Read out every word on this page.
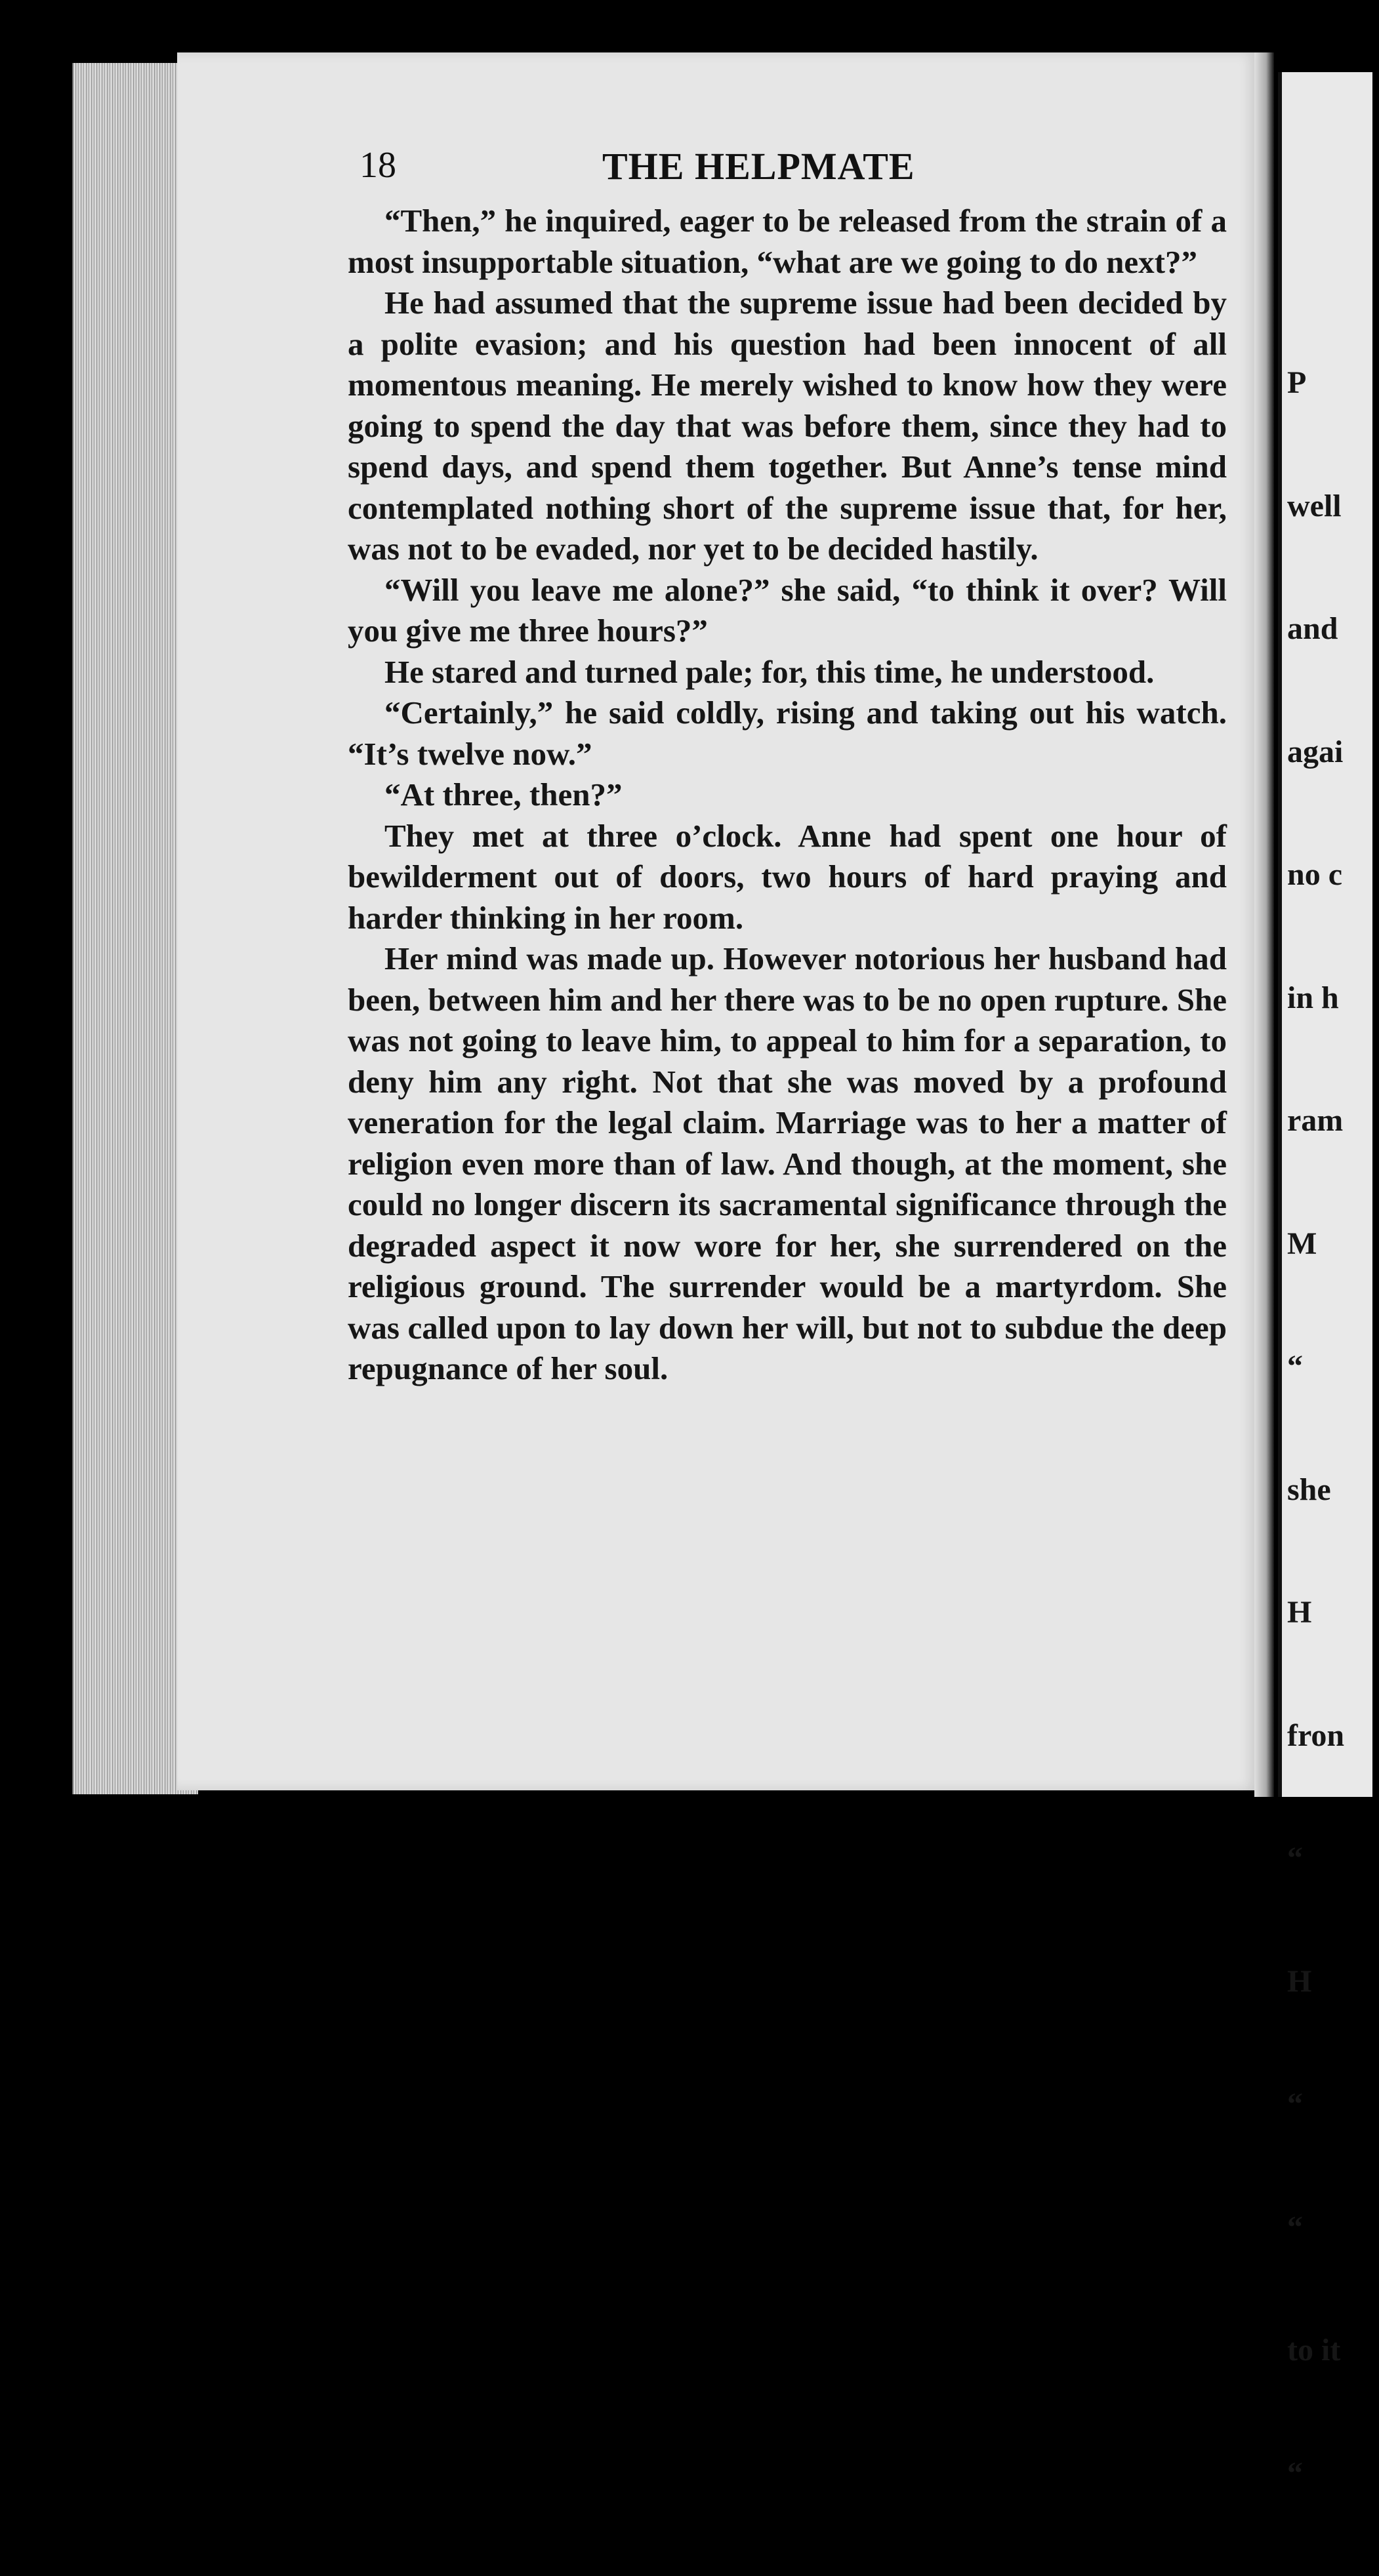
18	THE HELPMATE

“Then,” he inquired, eager to be released from the strain of a most insupportable situation, “what are we going to do next?”

He had assumed that the supreme issue had been decided by a polite evasion; and his question had been innocent of all momentous meaning. He merely wished to know how they were going to spend the day that was before them, since they had to spend days, and spend them together. But Anne’s tense mind contemplated nothing short of the supreme issue that, for her, was not to be evaded, nor yet to be decided hastily.

“Will you leave me alone?” she said, “to think it over? Will you give me three hours?”

He stared and turned pale; for, this time, he understood.

“Certainly,” he said coldly, rising and taking out his watch. “It’s twelve now.”

“At three, then?”

They met at three o’clock. Anne had spent one hour of bewilderment out of doors, two hours of hard praying and harder thinking in her room.

Her mind was made up. However notorious her husband had been, between him and her there was to be no open rupture. She was not going to leave him, to appeal to him for a separation, to deny him any right. Not that she was moved by a profound veneration for the legal claim. Marriage was to her a matter of religion even more than of law. And though, at the moment, she could no longer discern its sacramental significance through the degraded aspect it now wore for her, she surrendered on the religious ground. The surrender would be a martyrdom. She was called upon to lay down her will, but not to subdue the deep repugnance of her soul.

P

well

and

agai

no c

in h

ram

M

“

she

H

fron

“

H

“

“

to it

“
